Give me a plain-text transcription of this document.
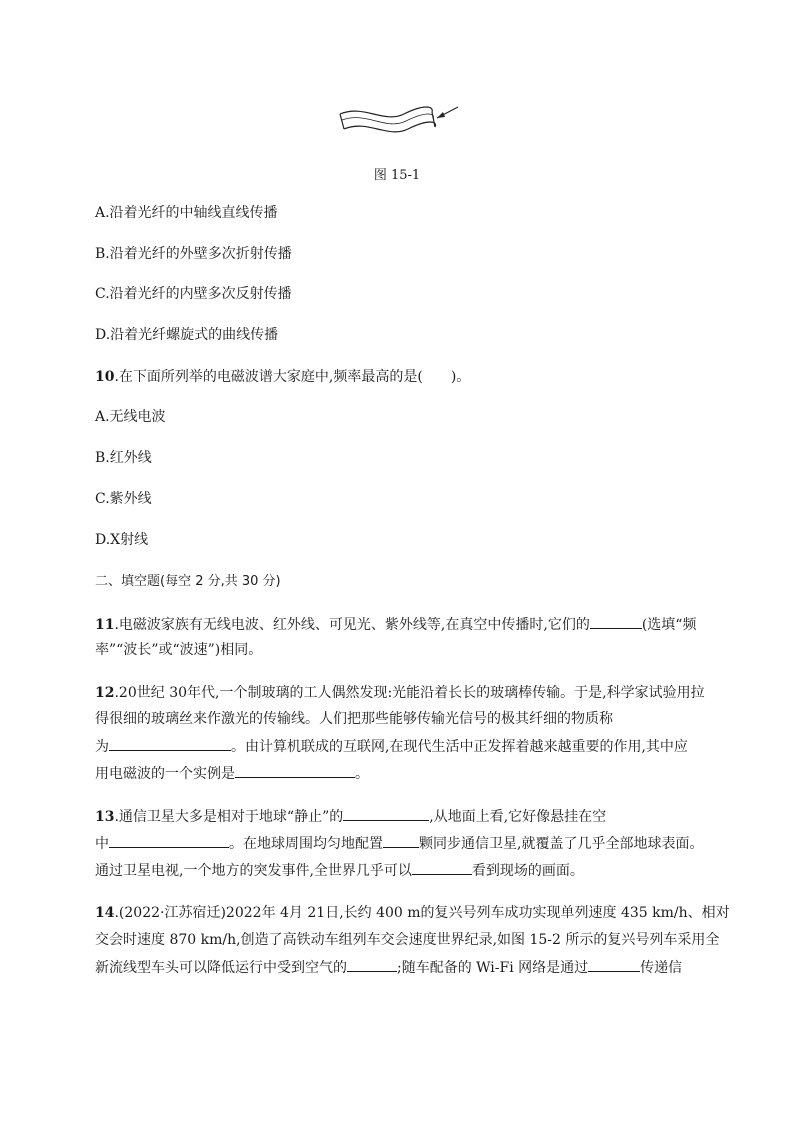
图 15-1
A.沿着光纤的中轴线直线传播
B.沿着光纤的外壁多次折射传播
C.沿着光纤的内壁多次反射传播
D.沿着光纤螺旋式的曲线传播
10.在下面所列举的电磁波谱大家庭中,频率最高的是(　　)。
A.无线电波
B.红外线
C.紫外线
D.X射线
二、填空题(每空 2 分,共 30 分)
11.电磁波家族有无线电波、红外线、可见光、紫外线等,在真空中传播时,它们的	(选填“频
率”“波长”或“波速”)相同。
12.20世纪 30年代,一个制玻璃的工人偶然发现:光能沿着长长的玻璃棒传输。于是,科学家试验用拉
得很细的玻璃丝来作激光的传输线。人们把那些能够传输光信号的极其纤细的物质称
为	。由计算机联成的互联网,在现代生活中正发挥着越来越重要的作用,其中应
用电磁波的一个实例是	。
13.通信卫星大多是相对于地球“静止”的	,从地面上看,它好像悬挂在空
中	。在地球周围均匀地配置	颗同步通信卫星,就覆盖了几乎全部地球表面。
通过卫星电视,一个地方的突发事件,全世界几乎可以	看到现场的画面。
14.(2022·江苏宿迁)2022年 4月 21日,长约 400 m的复兴号列车成功实现单列速度 435 km/h、相对
交会时速度 870 km/h,创造了高铁动车组列车交会速度世界纪录,如图 15-2 所示的复兴号列车采用全
新流线型车头可以降低运行中受到空气的	;随车配备的 Wi-Fi 网络是通过	传递信
